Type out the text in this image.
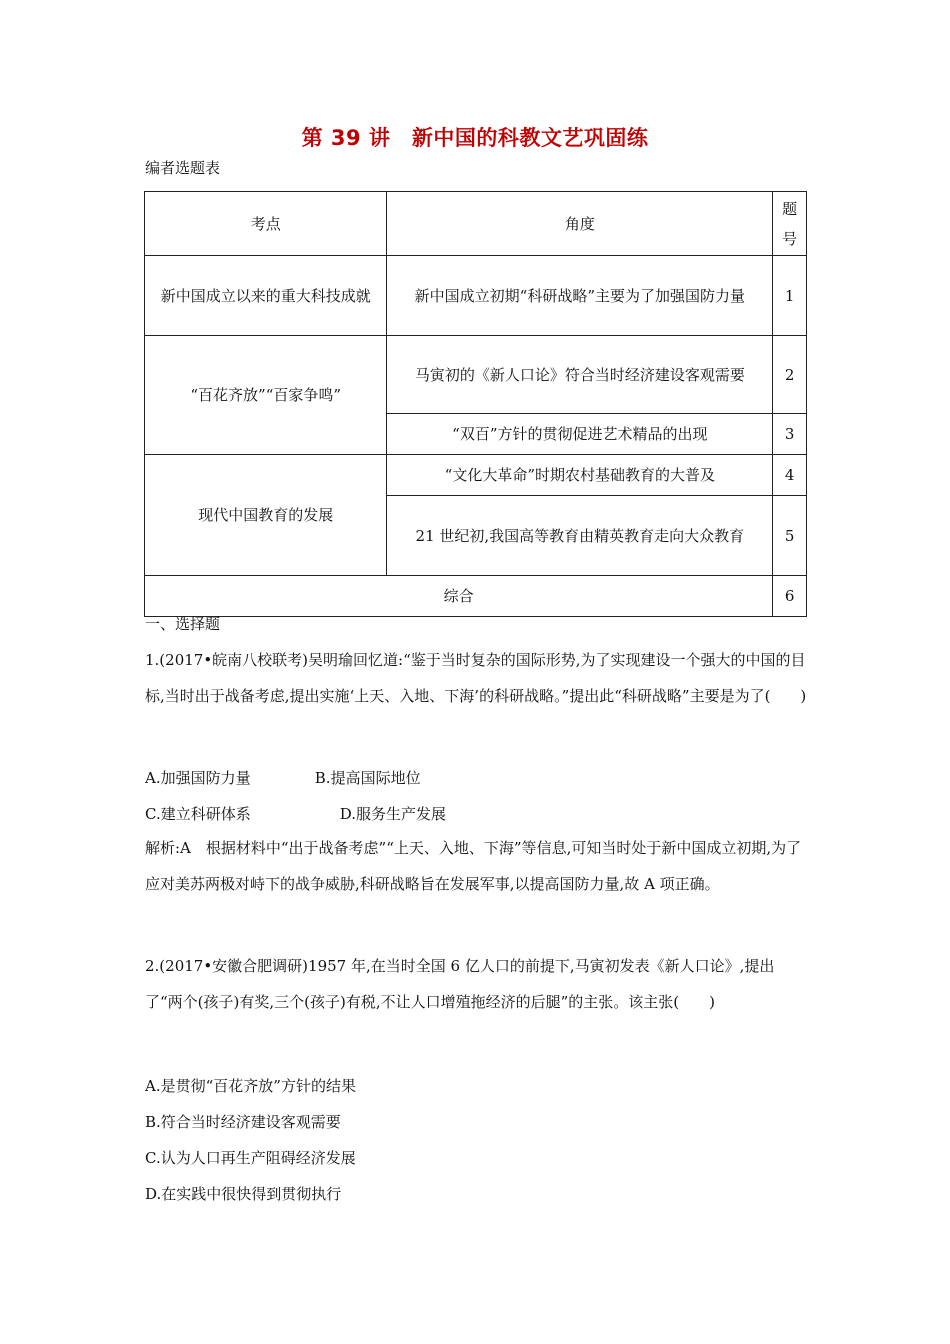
第 39 讲　新中国的科教文艺巩固练
编者选题表
考点	角度	题
号
新中国成立以来的重大科技成就	新中国成立初期“科研战略”主要为了加强国防力量	1
“百花齐放”“百家争鸣”	马寅初的《新人口论》符合当时经济建设客观需要	2
	“双百”方针的贯彻促进艺术精品的出现	3
现代中国教育的发展	“文化大革命”时期农村基础教育的大普及	4
	21 世纪初,我国高等教育由精英教育走向大众教育	5
综合		6
一、选择题
1.(2017•皖南八校联考)吴明瑜回忆道:“鉴于当时复杂的国际形势,为了实现建设一个强大的中国的目标,当时出于战备考虑,提出实施‘上天、入地、下海’的科研战略。”提出此“科研战略”主要是为了(　　)
A.加强国防力量	B.提高国际地位
C.建立科研体系	D.服务生产发展
解析:A　根据材料中“出于战备考虑”“上天、入地、下海”等信息,可知当时处于新中国成立初期,为了应对美苏两极对峙下的战争威胁,科研战略旨在发展军事,以提高国防力量,故 A 项正确。
2.(2017•安徽合肥调研)1957 年,在当时全国 6 亿人口的前提下,马寅初发表《新人口论》,提出了“两个(孩子)有奖,三个(孩子)有税,不让人口增殖拖经济的后腿”的主张。该主张(　　)
A.是贯彻“百花齐放”方针的结果
B.符合当时经济建设客观需要
C.认为人口再生产阻碍经济发展
D.在实践中很快得到贯彻执行
